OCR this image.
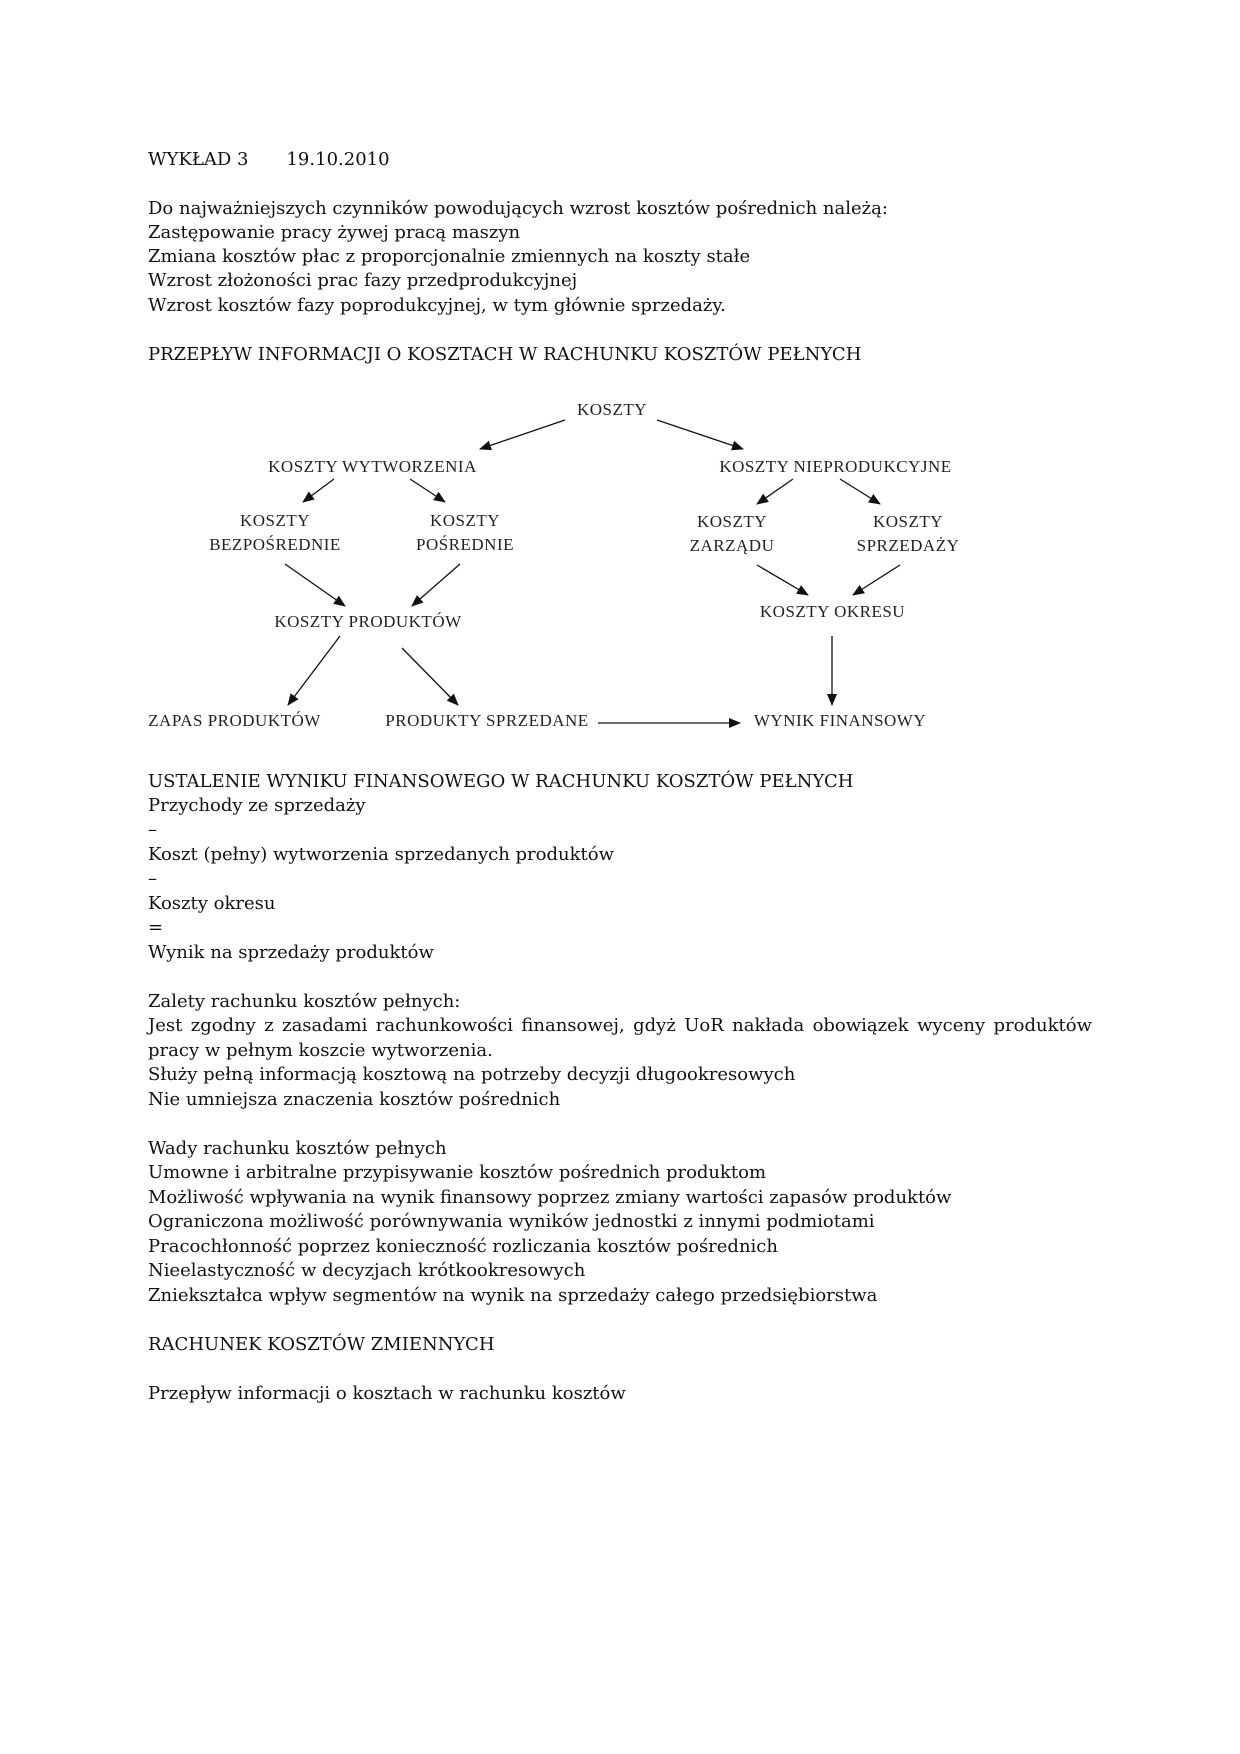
WYKŁAD 3 19.10.2010

Do najważniejszych czynników powodujących wzrost kosztów pośrednich należą:

Zastępowanie pracy żywej pracą maszyn

Zmiana kosztów płac z proporcjonalnie zmiennych na koszty stałe

Wzrost złożoności prac fazy przedprodukcyjnej

Wzrost kosztów fazy poprodukcyjnej, w tym głównie sprzedaży.

PRZEPŁYW INFORMACJI O KOSZTACH W RACHUNKU KOSZTÓW PEŁNYCH

KOSZTY
KOSZTY WYTWORZENIA	KOSZTY NIEPRODUKCYJNE
KOSZTY
BEZPOŚREDNIE
KOSZTY
POŚREDNIE
KOSZTY
ZARZĄDU
KOSZTY
SPRZEDAŻY
KOSZTY PRODUKTÓW
KOSZTY OKRESU
ZAPAS PRODUKTÓW	PRODUKTY SPRZEDANE	WYNIK FINANSOWY

USTALENIE WYNIKU FINANSOWEGO W RACHUNKU KOSZTÓW PEŁNYCH

Przychody ze sprzedaży

–

Koszt (pełny) wytworzenia sprzedanych produktów

–

Koszty okresu

=

Wynik na sprzedaży produktów

Zalety rachunku kosztów pełnych:

Jest zgodny z zasadami rachunkowości finansowej, gdyż UoR nakłada obowiązek wyceny produktów

pracy w pełnym koszcie wytworzenia.

Służy pełną informacją kosztową na potrzeby decyzji długookresowych

Nie umniejsza znaczenia kosztów pośrednich

Wady rachunku kosztów pełnych

Umowne i arbitralne przypisywanie kosztów pośrednich produktom

Możliwość wpływania na wynik finansowy poprzez zmiany wartości zapasów produktów

Ograniczona możliwość porównywania wyników jednostki z innymi podmiotami

Pracochłonność poprzez konieczność rozliczania kosztów pośrednich

Nieelastyczność w decyzjach krótkookresowych

Zniekształca wpływ segmentów na wynik na sprzedaży całego przedsiębiorstwa

RACHUNEK KOSZTÓW ZMIENNYCH

Przepływ informacji o kosztach w rachunku kosztów
